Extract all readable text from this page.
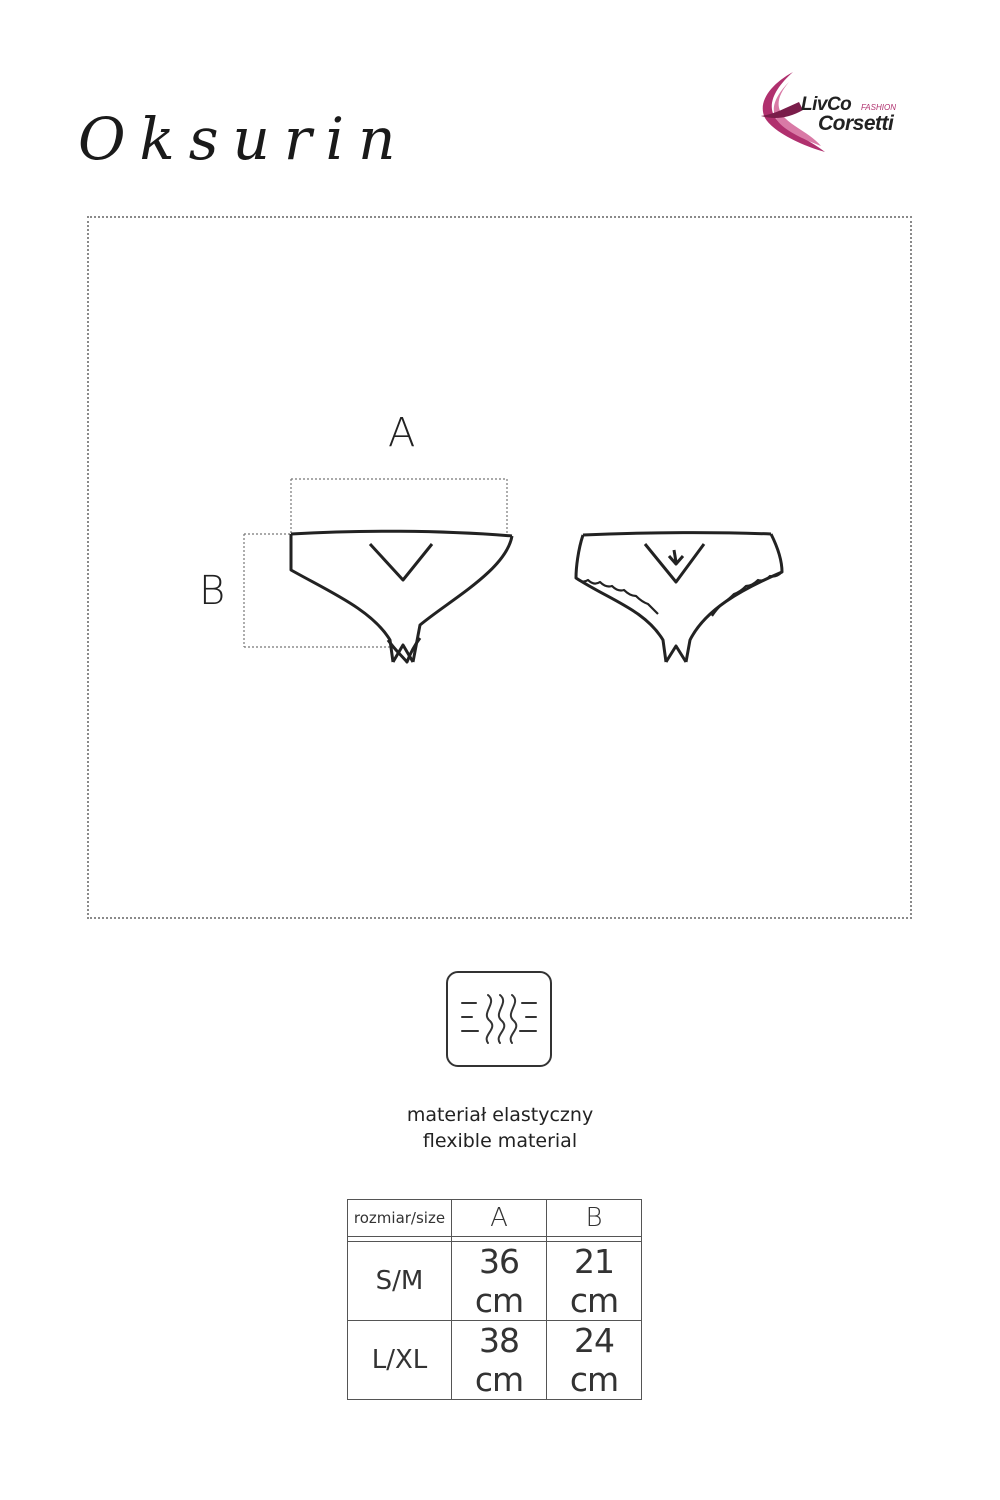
Oksurin
LivCo FASHION
Corsetti
A
B
materiał elastyczny
flexible material
rozmiar/size	A	B

S/M	36 cm	21 cm
L/XL	38 cm	24 cm
